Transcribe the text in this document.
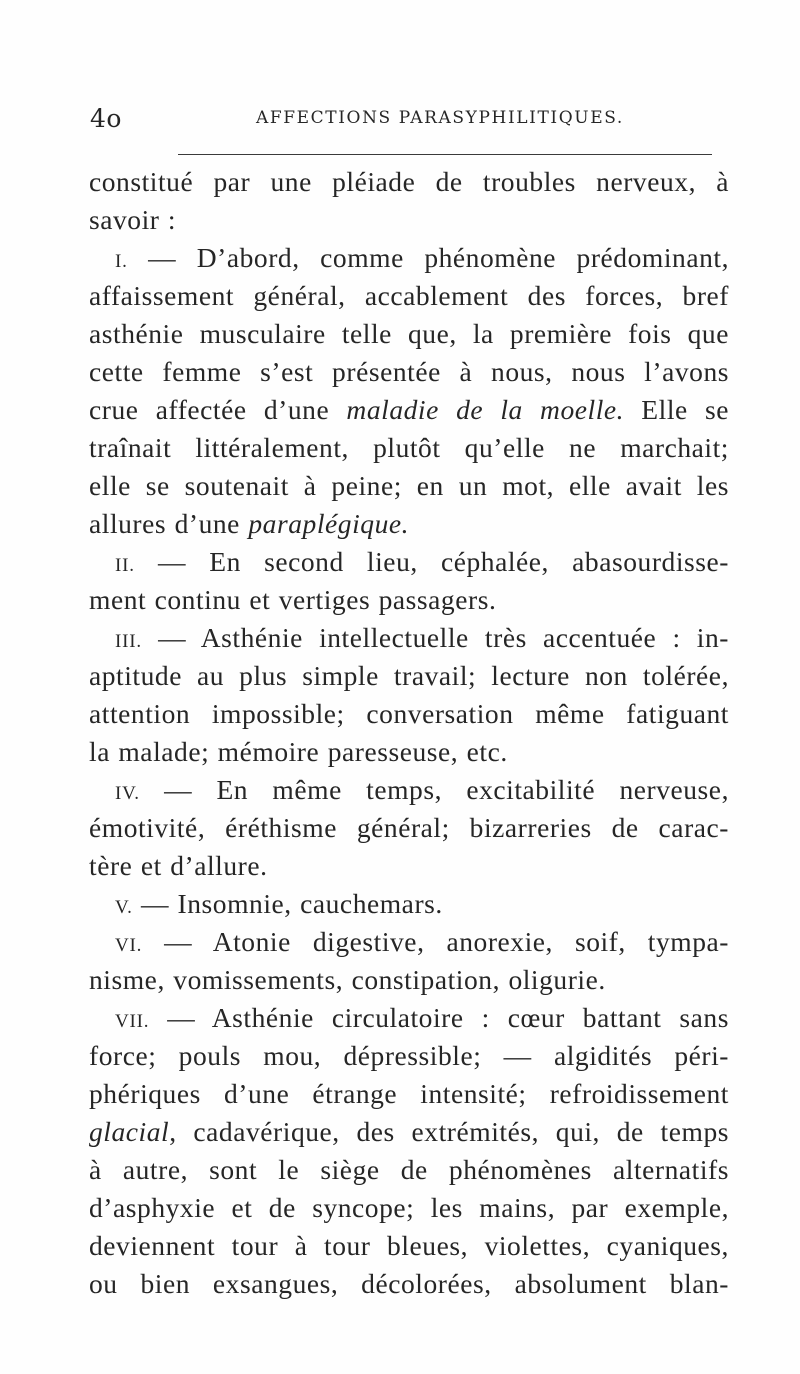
4o	AFFECTIONS PARASYPHILITIQUES.
constitué par une pléiade de troubles nerveux, à
savoir :
I. — D’abord, comme phénomène prédominant,
affaissement général, accablement des forces, bref
asthénie musculaire telle que, la première fois que
cette femme s’est présentée à nous, nous l’avons
crue affectée d’une maladie de la moelle. Elle se
traînait littéralement, plutôt qu’elle ne marchait;
elle se soutenait à peine; en un mot, elle avait les
allures d’une paraplégique.
II. — En second lieu, céphalée, abasourdisse-
ment continu et vertiges passagers.
III. — Asthénie intellectuelle très accentuée : in-
aptitude au plus simple travail; lecture non tolérée,
attention impossible; conversation même fatiguant
la malade; mémoire paresseuse, etc.
IV. — En même temps, excitabilité nerveuse,
émotivité, éréthisme général; bizarreries de carac-
tère et d’allure.
V. — Insomnie, cauchemars.
VI. — Atonie digestive, anorexie, soif, tympa-
nisme, vomissements, constipation, oligurie.
VII. — Asthénie circulatoire : cœur battant sans
force; pouls mou, dépressible; — algidités péri-
phériques d’une étrange intensité; refroidissement
glacial, cadavérique, des extrémités, qui, de temps
à autre, sont le siège de phénomènes alternatifs
d’asphyxie et de syncope; les mains, par exemple,
deviennent tour à tour bleues, violettes, cyaniques,
ou bien exsangues, décolorées, absolument blan-
